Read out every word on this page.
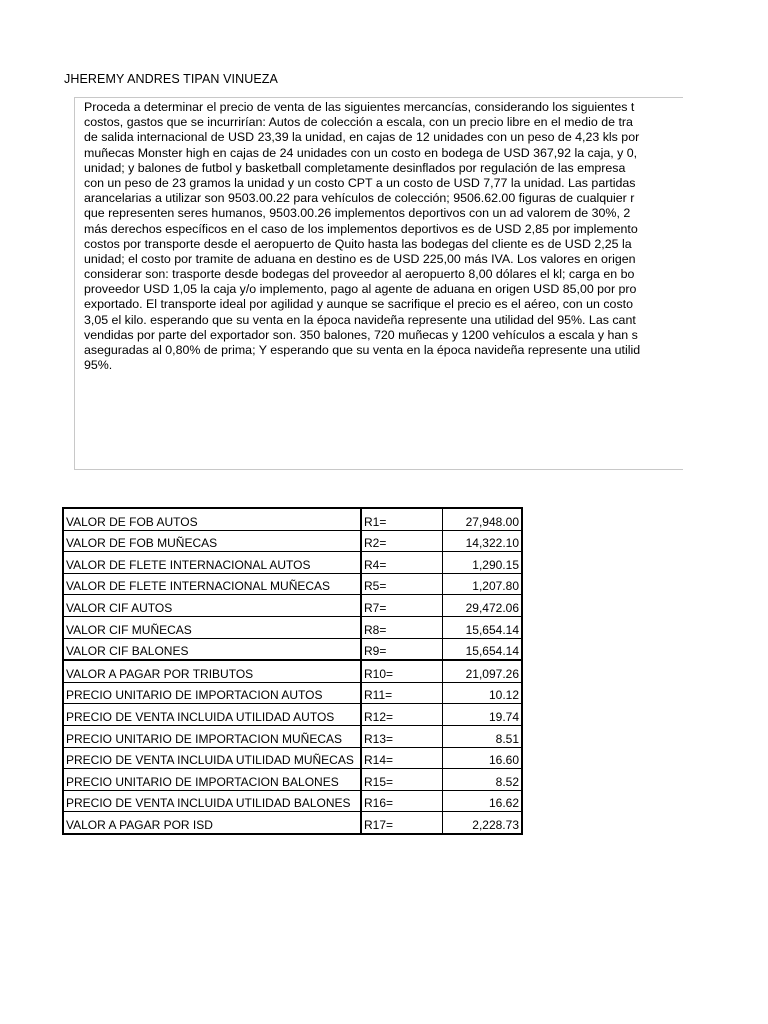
JHEREMY ANDRES TIPAN VINUEZA
Proceda a determinar el precio de venta de las siguientes mercancías, considerando los siguientes t
costos, gastos que se incurrirían: Autos de colección a escala, con un precio libre en el medio de tra
de salida internacional de USD 23,39 la unidad, en cajas de 12 unidades con un peso de 4,23 kls por
muñecas Monster high en cajas de 24 unidades con un costo en bodega de USD 367,92 la caja, y 0,
unidad; y balones de futbol y basketball completamente desinflados por regulación de las empresa
con un peso de 23 gramos la unidad y un costo CPT a un costo de USD 7,77 la unidad. Las partidas
arancelarias a utilizar son 9503.00.22 para vehículos de colección; 9506.62.00 figuras de cualquier r
que representen seres humanos, 9503.00.26 implementos deportivos con un ad valorem de 30%, 2
más derechos específicos en el caso de los implementos deportivos es de USD 2,85 por implemento
costos por transporte desde el aeropuerto de Quito hasta las bodegas del cliente es de USD 2,25 la
unidad; el costo por tramite de aduana en destino es de USD 225,00 más IVA. Los valores en origen
considerar son: trasporte desde bodegas del proveedor al aeropuerto 8,00 dólares el kl; carga en bo
proveedor USD 1,05 la caja y/o implemento, pago al agente de aduana en origen USD 85,00 por pro
exportado. El transporte ideal por agilidad y aunque se sacrifique el precio es el aéreo, con un costo
3,05 el kilo. esperando que su venta en la época navideña represente una utilidad del 95%. Las cant
vendidas por parte del exportador son. 350 balones, 720 muñecas y 1200 vehículos a escala y han s
aseguradas al 0,80% de prima; Y esperando que su venta en la época navideña represente una utilid
95%.
VALOR DE FOB AUTOS	R1=	27,948.00
VALOR DE FOB MUÑECAS	R2=	14,322.10
VALOR DE FLETE INTERNACIONAL AUTOS	R4=	1,290.15
VALOR DE FLETE INTERNACIONAL MUÑECAS	R5=	1,207.80
VALOR CIF AUTOS	R7=	29,472.06
VALOR CIF MUÑECAS	R8=	15,654.14
VALOR CIF BALONES	R9=	15,654.14
VALOR A PAGAR POR TRIBUTOS	R10=	21,097.26
PRECIO UNITARIO DE IMPORTACION AUTOS	R11=	10.12
PRECIO DE VENTA INCLUIDA UTILIDAD AUTOS	R12=	19.74
PRECIO UNITARIO DE IMPORTACION MUÑECAS	R13=	8.51
PRECIO DE VENTA INCLUIDA UTILIDAD MUÑECAS	R14=	16.60
PRECIO UNITARIO DE IMPORTACION BALONES	R15=	8.52
PRECIO DE VENTA INCLUIDA UTILIDAD BALONES	R16=	16.62
VALOR A PAGAR POR ISD	R17=	2,228.73
